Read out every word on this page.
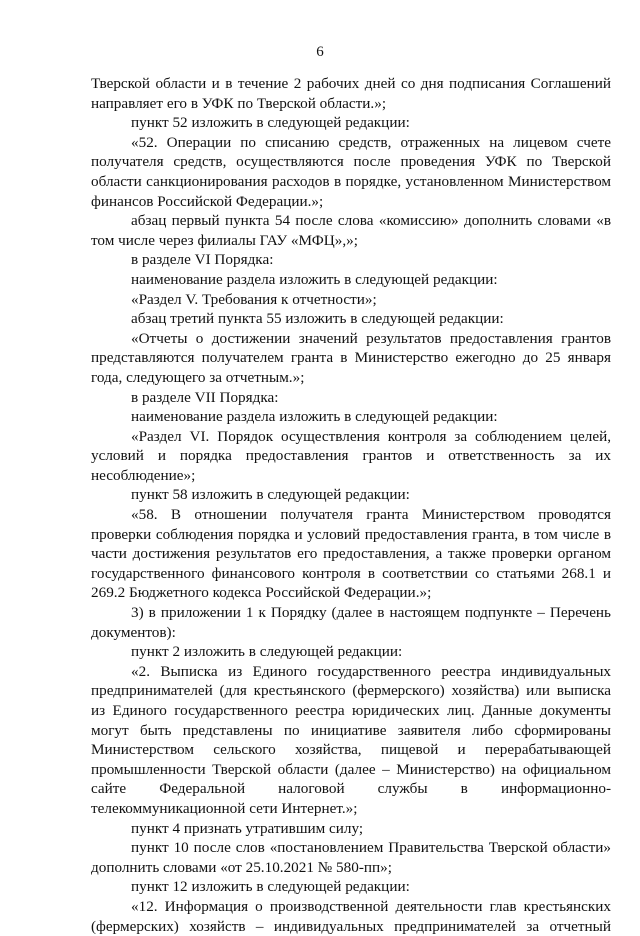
6

Тверской области и в течение 2 рабочих дней со дня подписания Соглашений направляет его в УФК по Тверской области.»;

пункт 52 изложить в следующей редакции:

«52. Операции по списанию средств, отраженных на лицевом счете получателя средств, осуществляются после проведения УФК по Тверской области санкционирования расходов в порядке, установленном Министерством финансов Российской Федерации.»;

абзац первый пункта 54 после слова «комиссию» дополнить словами «в том числе через филиалы ГАУ «МФЦ»,»;

в разделе VI Порядка:

наименование раздела изложить в следующей редакции:

«Раздел V. Требования к отчетности»;

абзац третий пункта 55 изложить в следующей редакции:

«Отчеты о достижении значений результатов предоставления грантов представляются получателем гранта в Министерство ежегодно до 25 января года, следующего за отчетным.»;

в разделе VII Порядка:

наименование раздела изложить в следующей редакции:

«Раздел VI. Порядок осуществления контроля за соблюдением целей, условий и порядка предоставления грантов и ответственность за их несоблюдение»;

пункт 58 изложить в следующей редакции:

«58. В отношении получателя гранта Министерством проводятся проверки соблюдения порядка и условий предоставления гранта, в том числе в части достижения результатов его предоставления, а также проверки органом государственного финансового контроля в соответствии со статьями 268.1 и 269.2 Бюджетного кодекса Российской Федерации.»;

3) в приложении 1 к Порядку (далее в настоящем подпункте – Перечень документов):

пункт 2 изложить в следующей редакции:

«2. Выписка из Единого государственного реестра индивидуальных предпринимателей (для крестьянского (фермерского) хозяйства) или выписка из Единого государственного реестра юридических лиц. Данные документы могут быть представлены по инициативе заявителя либо сформированы Министерством сельского хозяйства, пищевой и перерабатывающей промышленности Тверской области (далее – Министерство) на официальном сайте Федеральной налоговой службы в информационно-телекоммуникационной сети Интернет.»;

пункт 4 признать утратившим силу;

пункт 10 после слов «постановлением Правительства Тверской области» дополнить словами «от 25.10.2021 № 580-пп»;

пункт 12 изложить в следующей редакции:

«12. Информация о производственной деятельности глав крестьянских (фермерских) хозяйств – индивидуальных предпринимателей за отчетный
